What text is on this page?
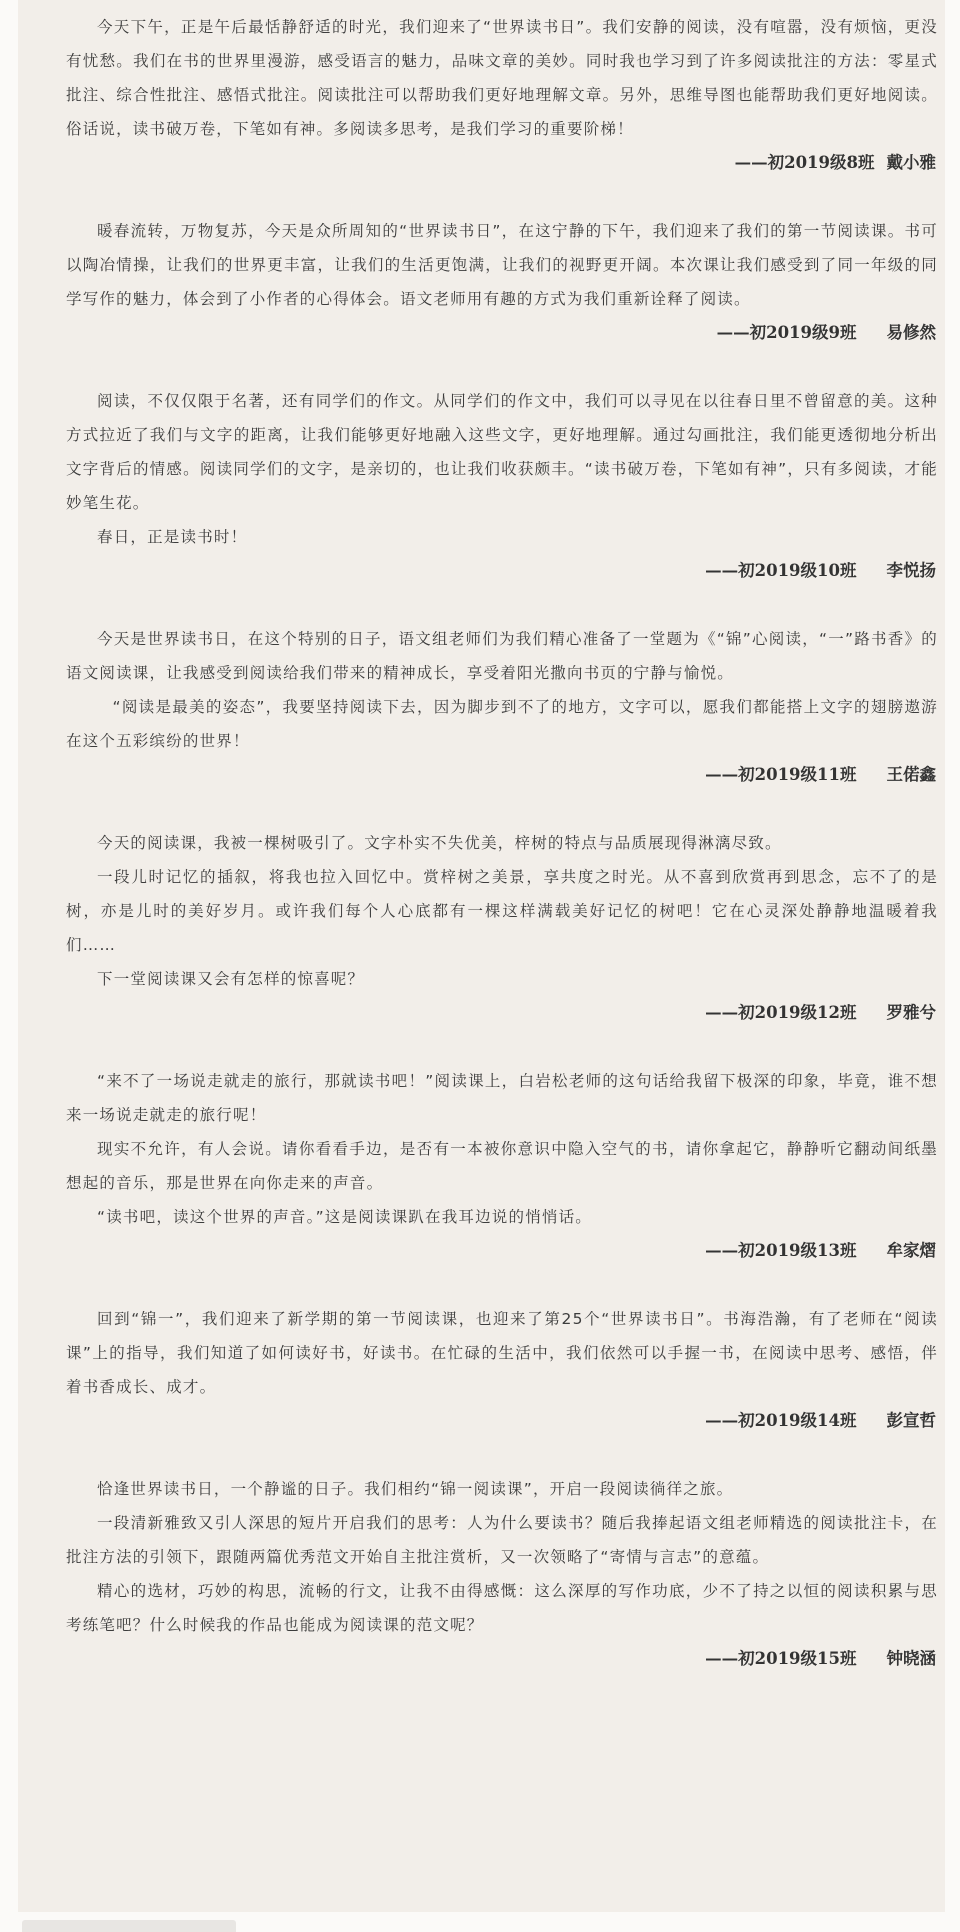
今天下午，正是午后最恬静舒适的时光，我们迎来了“世界读书日”。我们安静的阅读，没有喧嚣，没有烦恼，更没有忧愁。我们在书的世界里漫游，感受语言的魅力，品味文章的美妙。同时我也学习到了许多阅读批注的方法：零星式批注、综合性批注、感悟式批注。阅读批注可以帮助我们更好地理解文章。另外，思维导图也能帮助我们更好地阅读。俗话说，读书破万卷，下笔如有神。多阅读多思考，是我们学习的重要阶梯！

——初2019级8班 戴小雅

暖春流转，万物复苏，今天是众所周知的“世界读书日”，在这宁静的下午，我们迎来了我们的第一节阅读课。书可以陶冶情操，让我们的世界更丰富，让我们的生活更饱满，让我们的视野更开阔。本次课让我们感受到了同一年级的同学写作的魅力，体会到了小作者的心得体会。语文老师用有趣的方式为我们重新诠释了阅读。

——初2019级9班 易修然

阅读，不仅仅限于名著，还有同学们的作文。从同学们的作文中，我们可以寻见在以往春日里不曾留意的美。这种方式拉近了我们与文字的距离，让我们能够更好地融入这些文字，更好地理解。通过勾画批注，我们能更透彻地分析出文字背后的情感。阅读同学们的文字，是亲切的，也让我们收获颇丰。“读书破万卷，下笔如有神”，只有多阅读，才能妙笔生花。

春日，正是读书时！

——初2019级10班 李悦扬

今天是世界读书日，在这个特别的日子，语文组老师们为我们精心准备了一堂题为《“锦”心阅读，“一”路书香》的语文阅读课，让我感受到阅读给我们带来的精神成长，享受着阳光撒向书页的宁静与愉悦。

“阅读是最美的姿态”，我要坚持阅读下去，因为脚步到不了的地方，文字可以，愿我们都能搭上文字的翅膀遨游在这个五彩缤纷的世界！

——初2019级11班 王偌鑫

今天的阅读课，我被一棵树吸引了。文字朴实不失优美，梓树的特点与品质展现得淋漓尽致。

一段儿时记忆的插叙，将我也拉入回忆中。赏梓树之美景，享共度之时光。从不喜到欣赏再到思念，忘不了的是树，亦是儿时的美好岁月。或许我们每个人心底都有一棵这样满载美好记忆的树吧！它在心灵深处静静地温暖着我们……

下一堂阅读课又会有怎样的惊喜呢？

——初2019级12班 罗雅兮

“来不了一场说走就走的旅行，那就读书吧！”阅读课上，白岩松老师的这句话给我留下极深的印象，毕竟，谁不想来一场说走就走的旅行呢！

现实不允许，有人会说。请你看看手边，是否有一本被你意识中隐入空气的书，请你拿起它，静静听它翻动间纸墨想起的音乐，那是世界在向你走来的声音。

“读书吧，读这个世界的声音。”这是阅读课趴在我耳边说的悄悄话。

——初2019级13班 牟家熠

回到“锦一”，我们迎来了新学期的第一节阅读课，也迎来了第25个“世界读书日”。书海浩瀚，有了老师在“阅读课”上的指导，我们知道了如何读好书，好读书。在忙碌的生活中，我们依然可以手握一书，在阅读中思考、感悟，伴着书香成长、成才。

——初2019级14班 彭宣哲

恰逢世界读书日，一个静谧的日子。我们相约“锦一阅读课”，开启一段阅读徜徉之旅。

一段清新雅致又引人深思的短片开启我们的思考：人为什么要读书？随后我捧起语文组老师精选的阅读批注卡，在批注方法的引领下，跟随两篇优秀范文开始自主批注赏析，又一次领略了“寄情与言志”的意蕴。

精心的选材，巧妙的构思，流畅的行文，让我不由得感慨：这么深厚的写作功底，少不了持之以恒的阅读积累与思考练笔吧？什么时候我的作品也能成为阅读课的范文呢？

——初2019级15班 钟晓涵
